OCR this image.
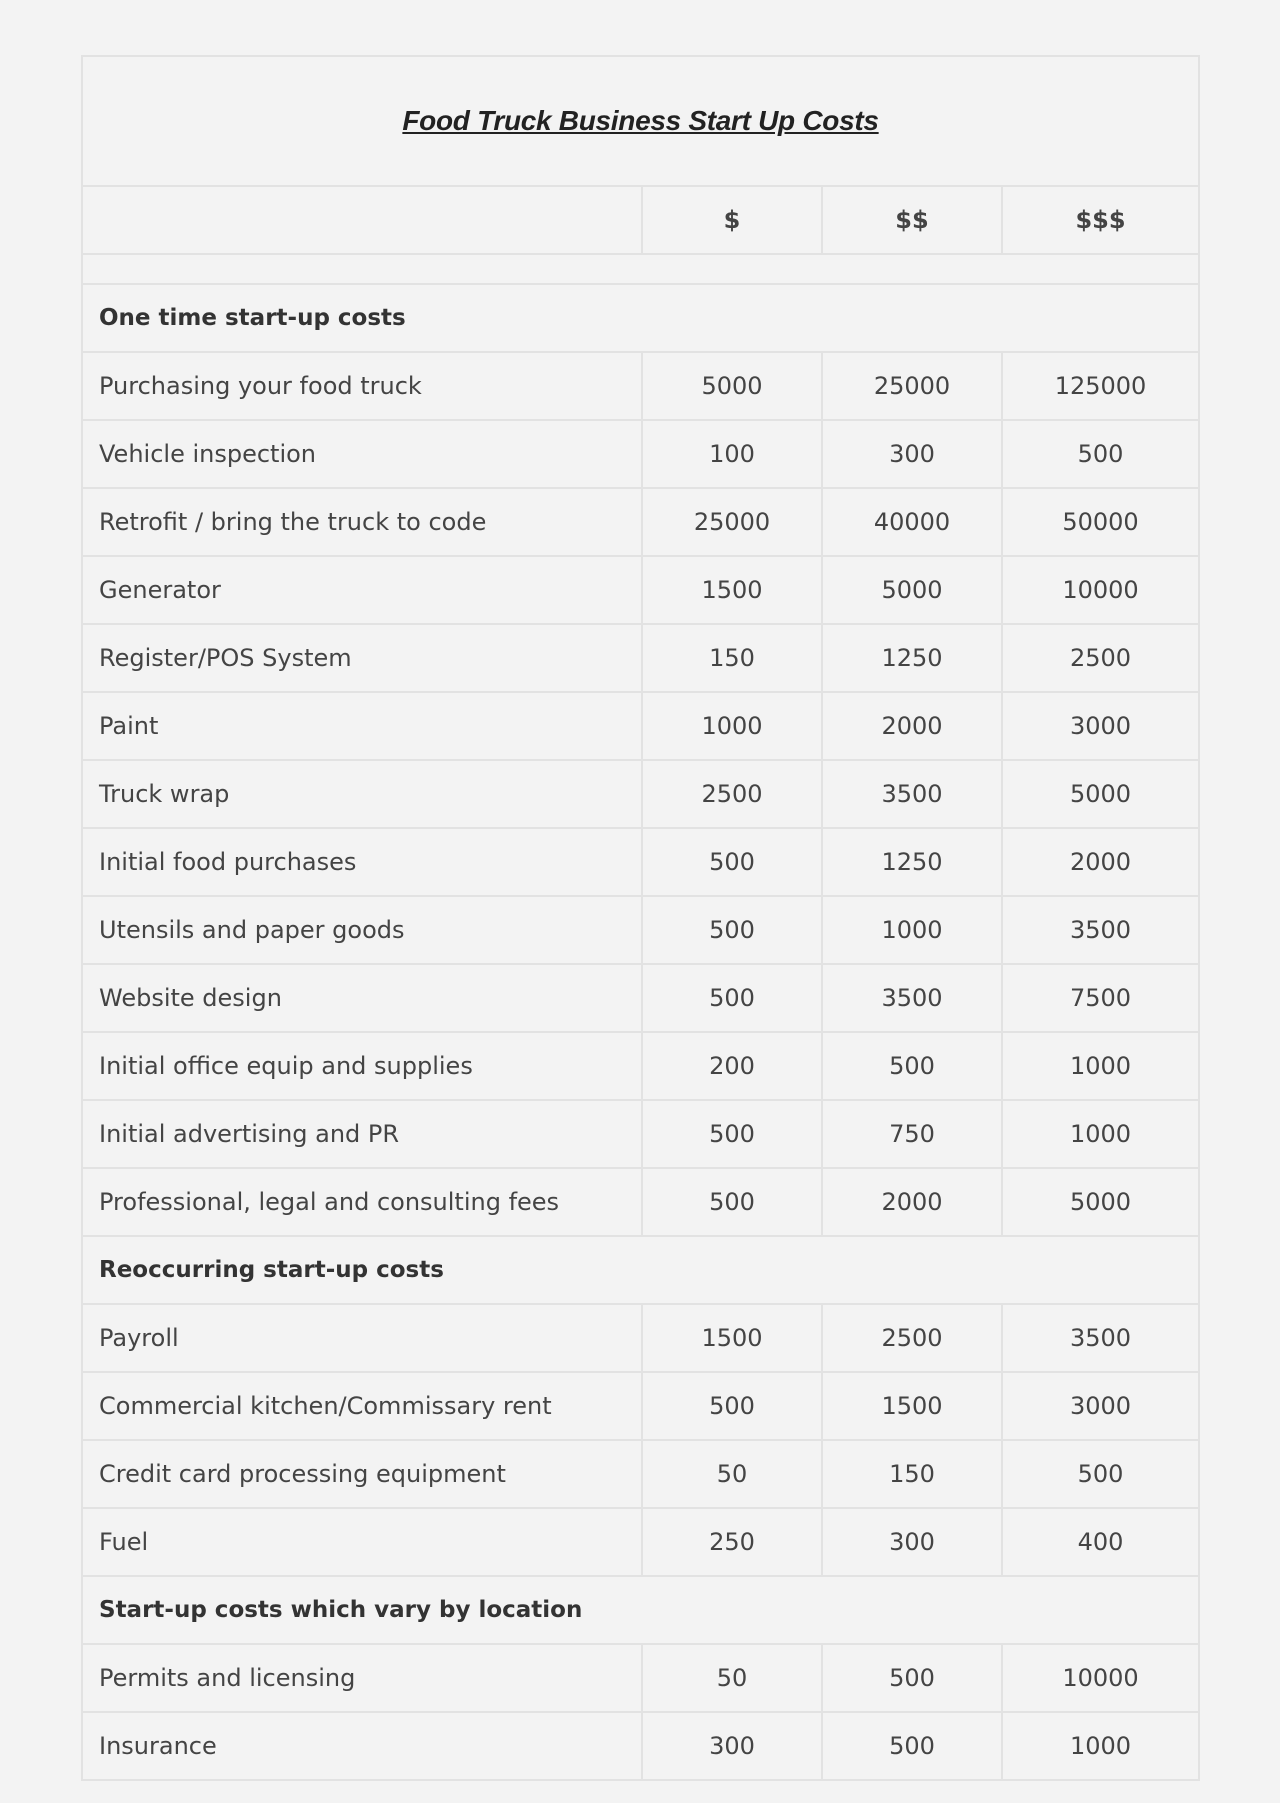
Food Truck Business Start Up Costs			
	$	$$	$$$

One time start-up costs			
Purchasing your food truck	5000	25000	125000
Vehicle inspection	100	300	500
Retrofit / bring the truck to code	25000	40000	50000
Generator	1500	5000	10000
Register/POS System	150	1250	2500
Paint	1000	2000	3000
Truck wrap	2500	3500	5000
Initial food purchases	500	1250	2000
Utensils and paper goods	500	1000	3500
Website design	500	3500	7500
Initial office equip and supplies	200	500	1000
Initial advertising and PR	500	750	1000
Professional, legal and consulting fees	500	2000	5000
Reoccurring start-up costs			
Payroll	1500	2500	3500
Commercial kitchen/Commissary rent	500	1500	3000
Credit card processing equipment	50	150	500
Fuel	250	300	400
Start-up costs which vary by location			
Permits and licensing	50	500	10000
Insurance	300	500	1000
